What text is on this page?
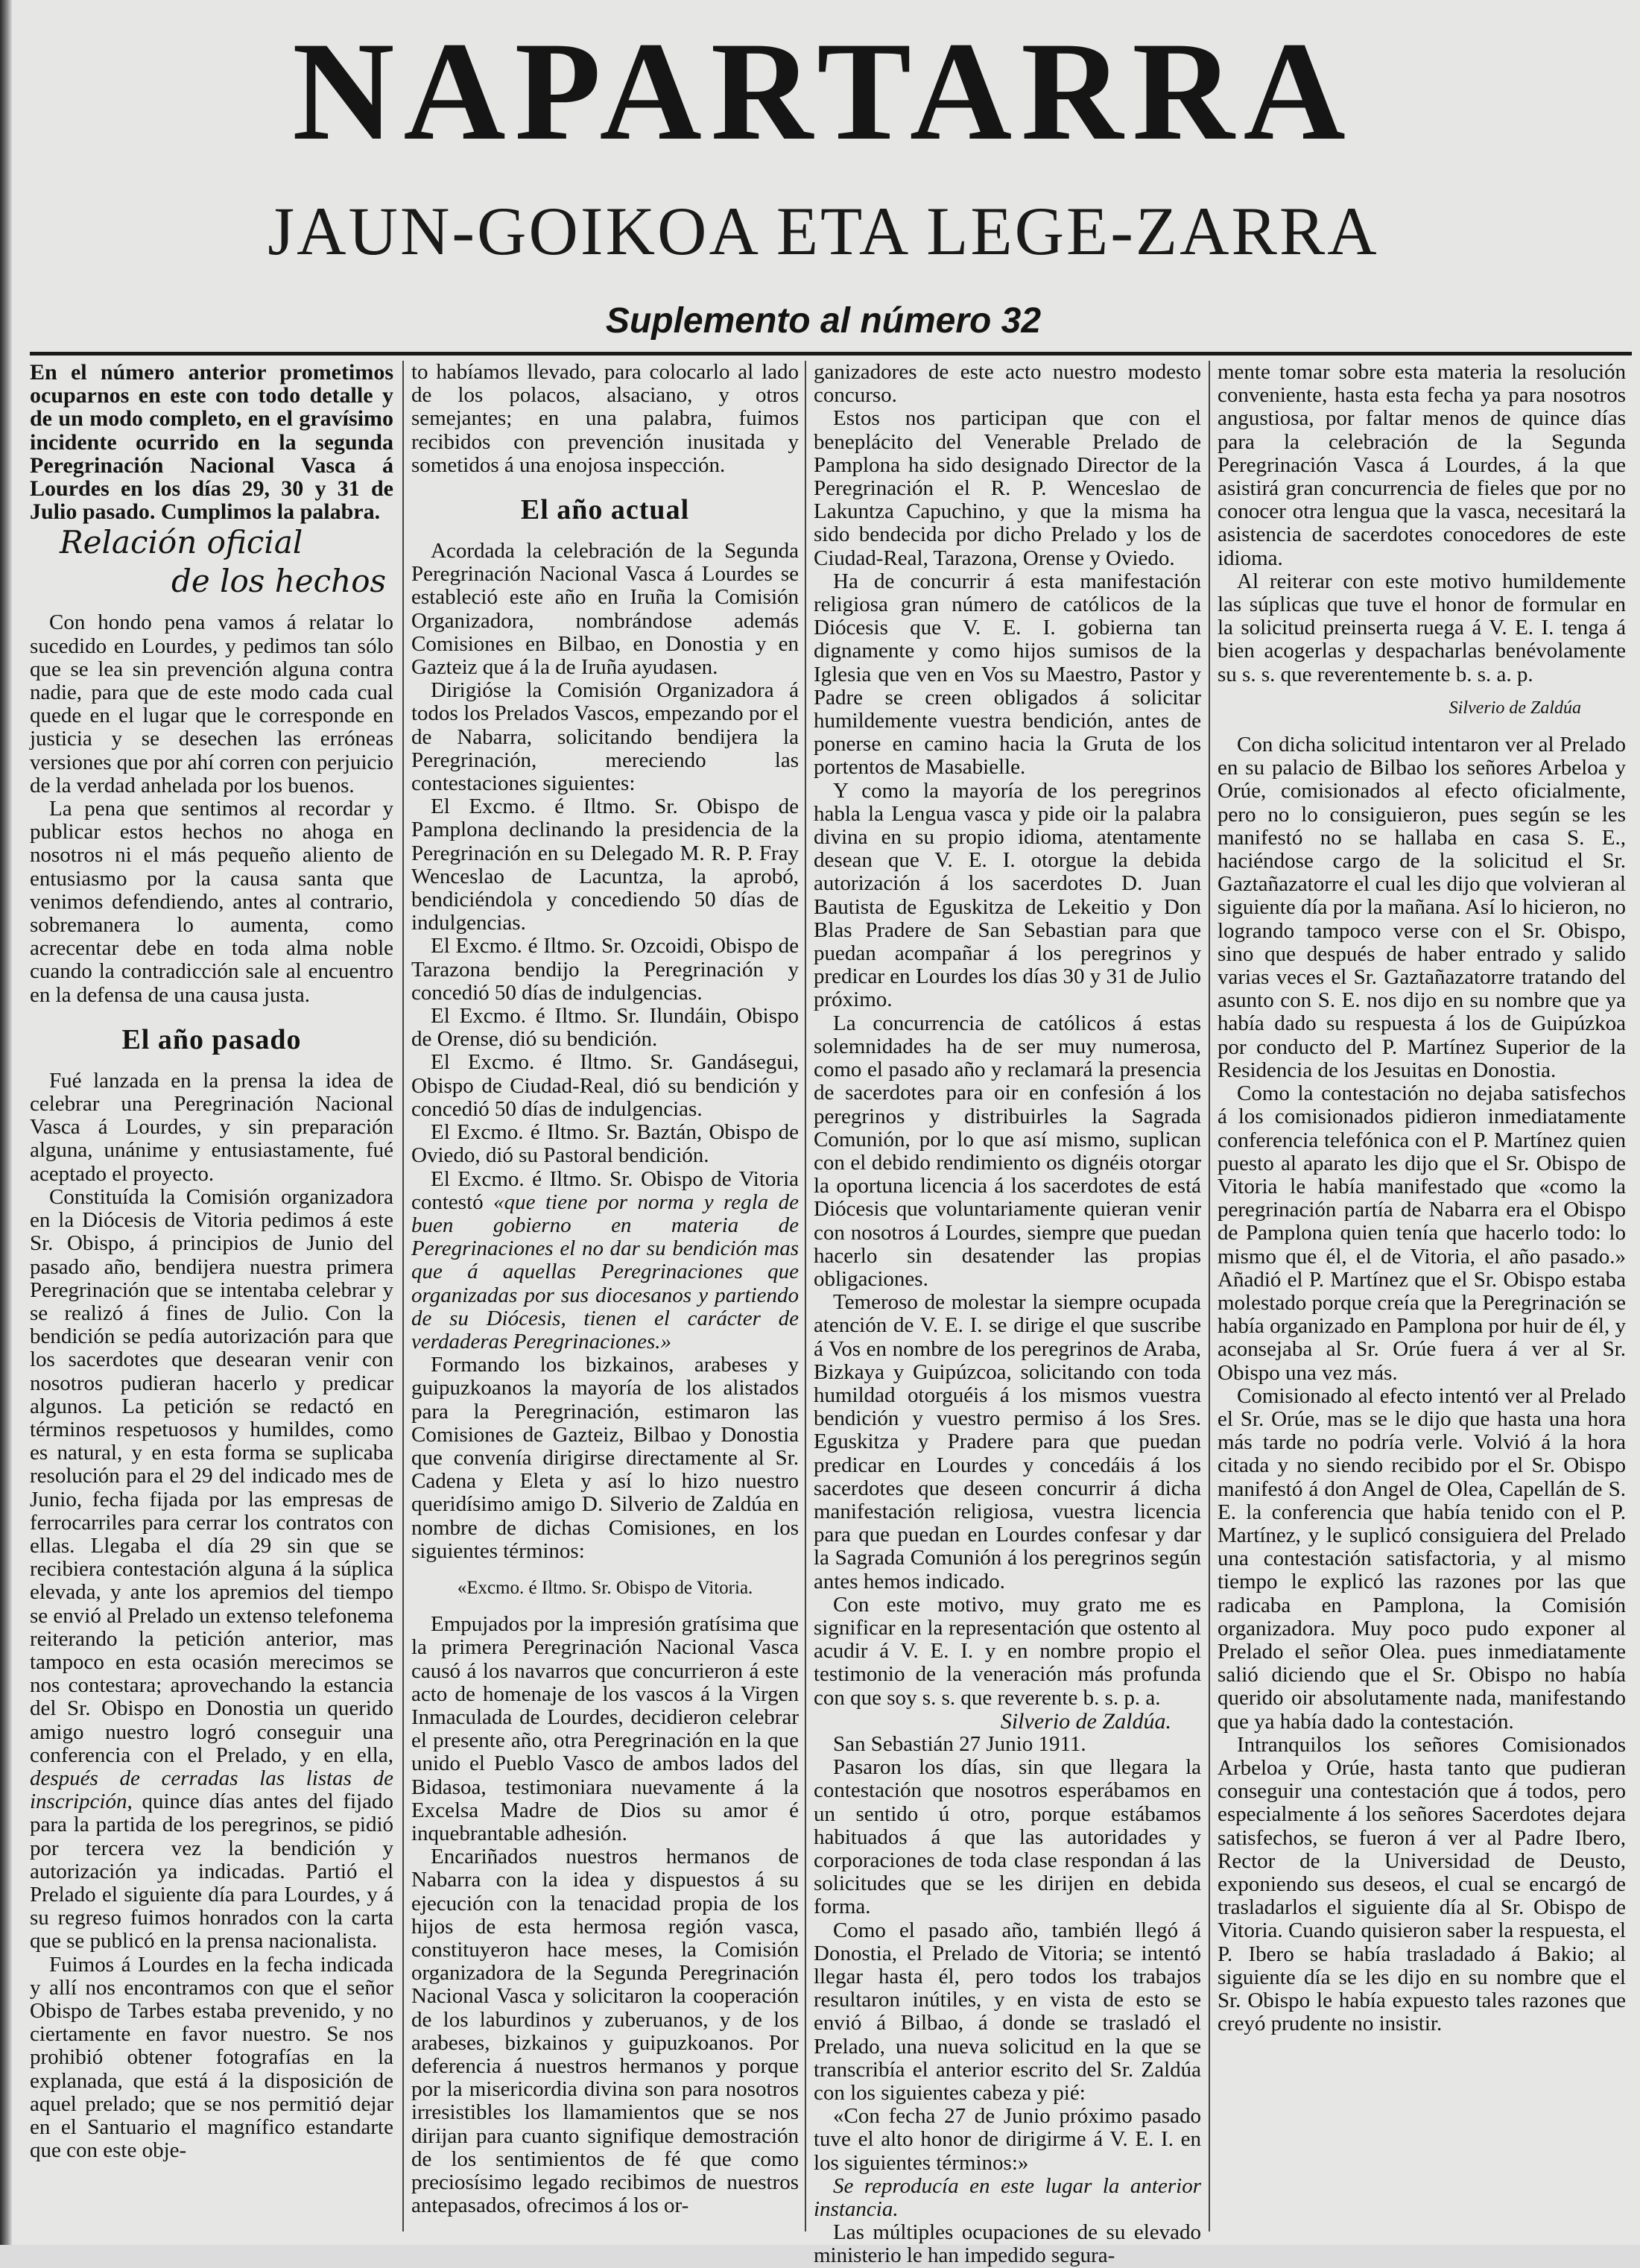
NAPARTARRA
JAUN-GOIKOA ETA LEGE-ZARRA
Suplemento al número 32

En el número anterior prometimos ocuparnos en este con todo detalle y de un modo completo, en el gravísimo incidente ocurrido en la segunda Peregrinación Nacional Vasca á Lourdes en los días 29, 30 y 31 de Julio pasado. Cumplimos la palabra.

Relación oficial
de los hechos

Con hondo pena vamos á relatar lo sucedido en Lourdes, y pedimos tan sólo que se lea sin prevención alguna contra nadie, para que de este modo cada cual quede en el lugar que le corresponde en justicia y se desechen las erróneas versiones que por ahí corren con perjuicio de la verdad anhelada por los buenos.

La pena que sentimos al recordar y publicar estos hechos no ahoga en nosotros ni el más pequeño aliento de entusiasmo por la causa santa que venimos defendiendo, antes al contrario, sobremanera lo aumenta, como acrecentar debe en toda alma noble cuando la contradicción sale al encuentro en la defensa de una causa justa.

El año pasado

Fué lanzada en la prensa la idea de celebrar una Peregrinación Nacional Vasca á Lourdes, y sin preparación alguna, unánime y entusiastamente, fué aceptado el proyecto.

Constituída la Comisión organizadora en la Diócesis de Vitoria pedimos á este Sr. Obispo, á principios de Junio del pasado año, bendijera nuestra primera Peregrinación que se intentaba celebrar y se realizó á fines de Julio. Con la bendición se pedía autorización para que los sacerdotes que desearan venir con nosotros pudieran hacerlo y predicar algunos. La petición se redactó en términos respetuosos y humildes, como es natural, y en esta forma se suplicaba resolución para el 29 del indicado mes de Junio, fecha fijada por las empresas de ferrocarriles para cerrar los contratos con ellas. Llegaba el día 29 sin que se recibiera contestación alguna á la súplica elevada, y ante los apremios del tiempo se envió al Prelado un extenso telefonema reiterando la petición anterior, mas tampoco en esta ocasión merecimos se nos contestara; aprovechando la estancia del Sr. Obispo en Donostia un querido amigo nuestro logró conseguir una conferencia con el Prelado, y en ella, después de cerradas las listas de inscripción, quince días antes del fijado para la partida de los peregrinos, se pidió por tercera vez la bendición y autorización ya indicadas. Partió el Prelado el siguiente día para Lourdes, y á su regreso fuimos honrados con la carta que se publicó en la prensa nacionalista.

Fuimos á Lourdes en la fecha indicada y allí nos encontramos con que el señor Obispo de Tarbes estaba prevenido, y no ciertamente en favor nuestro. Se nos prohibió obtener fotografías en la explanada, que está á la disposición de aquel prelado; que se nos permitió dejar en el Santuario el magnífico estandarte que con este obje-

to habíamos llevado, para colocarlo al lado de los polacos, alsaciano, y otros semejantes; en una palabra, fuimos recibidos con prevención inusitada y sometidos á una enojosa inspección.

El año actual

Acordada la celebración de la Segunda Peregrinación Nacional Vasca á Lourdes se estableció este año en Iruña la Comisión Organizadora, nombrándose además Comisiones en Bilbao, en Donostia y en Gazteiz que á la de Iruña ayudasen.

Dirigióse la Comisión Organizadora á todos los Prelados Vascos, empezando por el de Nabarra, solicitando bendijera la Peregrinación, mereciendo las contestaciones siguientes:

El Excmo. é Iltmo. Sr. Obispo de Pamplona declinando la presidencia de la Peregrinación en su Delegado M. R. P. Fray Wenceslao de Lacuntza, la aprobó, bendiciéndola y concediendo 50 días de indulgencias.

El Excmo. é Iltmo. Sr. Ozcoidi, Obispo de Tarazona bendijo la Peregrinación y concedió 50 días de indulgencias.

El Excmo. é Iltmo. Sr. Ilundáin, Obispo de Orense, dió su bendición.

El Excmo. é Iltmo. Sr. Gandásegui, Obispo de Ciudad-Real, dió su bendición y concedió 50 días de indulgencias.

El Excmo. é Iltmo. Sr. Baztán, Obispo de Oviedo, dió su Pastoral bendición.

El Excmo. é Iltmo. Sr. Obispo de Vitoria contestó «que tiene por norma y regla de buen gobierno en materia de Peregrinaciones el no dar su bendición mas que á aquellas Peregrinaciones que organizadas por sus diocesanos y partiendo de su Diócesis, tienen el carácter de verdaderas Peregrinaciones.»

Formando los bizkainos, arabeses y guipuzkoanos la mayoría de los alistados para la Peregrinación, estimaron las Comisiones de Gazteiz, Bilbao y Donostia que convenía dirigirse directamente al Sr. Cadena y Eleta y así lo hizo nuestro queridísimo amigo D. Silverio de Zaldúa en nombre de dichas Comisiones, en los siguientes términos:

«Excmo. é Iltmo. Sr. Obispo de Vitoria.

Empujados por la impresión gratísima que la primera Peregrinación Nacional Vasca causó á los navarros que concurrieron á este acto de homenaje de los vascos á la Virgen Inmaculada de Lourdes, decidieron celebrar el presente año, otra Peregrinación en la que unido el Pueblo Vasco de ambos lados del Bidasoa, testimoniara nuevamente á la Excelsa Madre de Dios su amor é inquebrantable adhesión.

Encariñados nuestros hermanos de Nabarra con la idea y dispuestos á su ejecución con la tenacidad propia de los hijos de esta hermosa región vasca, constituyeron hace meses, la Comisión organizadora de la Segunda Peregrinación Nacional Vasca y solicitaron la cooperación de los laburdinos y zuberuanos, y de los arabeses, bizkainos y guipuzkoanos. Por deferencia á nuestros hermanos y porque por la misericordia divina son para nosotros irresistibles los llamamientos que se nos dirijan para cuanto signifique demostración de los sentimientos de fé que como preciosísimo legado recibimos de nuestros antepasados, ofrecimos á los or-

ganizadores de este acto nuestro modesto concurso.

Estos nos participan que con el beneplácito del Venerable Prelado de Pamplona ha sido designado Director de la Peregrinación el R. P. Wenceslao de Lakuntza Capuchino, y que la misma ha sido bendecida por dicho Prelado y los de Ciudad-Real, Tarazona, Orense y Oviedo.

Ha de concurrir á esta manifestación religiosa gran número de católicos de la Diócesis que V. E. I. gobierna tan dignamente y como hijos sumisos de la Iglesia que ven en Vos su Maestro, Pastor y Padre se creen obligados á solicitar humildemente vuestra bendición, antes de ponerse en camino hacia la Gruta de los portentos de Masabielle.

Y como la mayoría de los peregrinos habla la Lengua vasca y pide oir la palabra divina en su propio idioma, atentamente desean que V. E. I. otorgue la debida autorización á los sacerdotes D. Juan Bautista de Eguskitza de Lekeitio y Don Blas Pradere de San Sebastian para que puedan acompañar á los peregrinos y predicar en Lourdes los días 30 y 31 de Julio próximo.

La concurrencia de católicos á estas solemnidades ha de ser muy numerosa, como el pasado año y reclamará la presencia de sacerdotes para oir en confesión á los peregrinos y distribuirles la Sagrada Comunión, por lo que así mismo, suplican con el debido rendimiento os dignéis otorgar la oportuna licencia á los sacerdotes de está Diócesis que voluntariamente quieran venir con nosotros á Lourdes, siempre que puedan hacerlo sin desatender las propias obligaciones.

Temeroso de molestar la siempre ocupada atención de V. E. I. se dirige el que suscribe á Vos en nombre de los peregrinos de Araba, Bizkaya y Guipúzcoa, solicitando con toda humildad otorguéis á los mismos vuestra bendición y vuestro permiso á los Sres. Eguskitza y Pradere para que puedan predicar en Lourdes y concedáis á los sacerdotes que deseen concurrir á dicha manifestación religiosa, vuestra licencia para que puedan en Lourdes confesar y dar la Sagrada Comunión á los peregrinos según antes hemos indicado.

Con este motivo, muy grato me es significar en la representación que ostento al acudir á V. E. I. y en nombre propio el testimonio de la veneración más profunda con que soy s. s. que reverente b. s. p. a.

Silverio de Zaldúa.

San Sebastián 27 Junio 1911.

Pasaron los días, sin que llegara la contestación que nosotros esperábamos en un sentido ú otro, porque estábamos habituados á que las autoridades y corporaciones de toda clase respondan á las solicitudes que se les dirijen en debida forma.

Como el pasado año, también llegó á Donostia, el Prelado de Vitoria; se intentó llegar hasta él, pero todos los trabajos resultaron inútiles, y en vista de esto se envió á Bilbao, á donde se trasladó el Prelado, una nueva solicitud en la que se transcribía el anterior escrito del Sr. Zaldúa con los siguientes cabeza y pié:

«Con fecha 27 de Junio próximo pasado tuve el alto honor de dirigirme á V. E. I. en los siguientes términos:»

Se reproducía en este lugar la anterior instancia.

Las múltiples ocupaciones de su elevado ministerio le han impedido segura-

mente tomar sobre esta materia la resolución conveniente, hasta esta fecha ya para nosotros angustiosa, por faltar menos de quince días para la celebración de la Segunda Peregrinación Vasca á Lourdes, á la que asistirá gran concurrencia de fieles que por no conocer otra lengua que la vasca, necesitará la asistencia de sacerdotes conocedores de este idioma.

Al reiterar con este motivo humildemente las súplicas que tuve el honor de formular en la solicitud preinserta ruega á V. E. I. tenga á bien acogerlas y despacharlas benévolamente su s. s. que reverentemente b. s. a. p.

Silverio de Zaldúa

Con dicha solicitud intentaron ver al Prelado en su palacio de Bilbao los señores Arbeloa y Orúe, comisionados al efecto oficialmente, pero no lo consiguieron, pues según se les manifestó no se hallaba en casa S. E., haciéndose cargo de la solicitud el Sr. Gaztañazatorre el cual les dijo que volvieran al siguiente día por la mañana. Así lo hicieron, no logrando tampoco verse con el Sr. Obispo, sino que después de haber entrado y salido varias veces el Sr. Gaztañazatorre tratando del asunto con S. E. nos dijo en su nombre que ya había dado su respuesta á los de Guipúzkoa por conducto del P. Martínez Superior de la Residencia de los Jesuitas en Donostia.

Como la contestación no dejaba satisfechos á los comisionados pidieron inmediatamente conferencia telefónica con el P. Martínez quien puesto al aparato les dijo que el Sr. Obispo de Vitoria le había manifestado que «como la peregrinación partía de Nabarra era el Obispo de Pamplona quien tenía que hacerlo todo: lo mismo que él, el de Vitoria, el año pasado.» Añadió el P. Martínez que el Sr. Obispo estaba molestado porque creía que la Peregrinación se había organizado en Pamplona por huir de él, y aconsejaba al Sr. Orúe fuera á ver al Sr. Obispo una vez más.

Comisionado al efecto intentó ver al Prelado el Sr. Orúe, mas se le dijo que hasta una hora más tarde no podría verle. Volvió á la hora citada y no siendo recibido por el Sr. Obispo manifestó á don Angel de Olea, Capellán de S. E. la conferencia que había tenido con el P. Martínez, y le suplicó consiguiera del Prelado una contestación satisfactoria, y al mismo tiempo le explicó las razones por las que radicaba en Pamplona, la Comisión organizadora. Muy poco pudo exponer al Prelado el señor Olea. pues inmediatamente salió diciendo que el Sr. Obispo no había querido oir absolutamente nada, manifestando que ya había dado la contestación.

Intranquilos los señores Comisionados Arbeloa y Orúe, hasta tanto que pudieran conseguir una contestación que á todos, pero especialmente á los señores Sacerdotes dejara satisfechos, se fueron á ver al Padre Ibero, Rector de la Universidad de Deusto, exponiendo sus deseos, el cual se encargó de trasladarlos el siguiente día al Sr. Obispo de Vitoria. Cuando quisieron saber la respuesta, el P. Ibero se había trasladado á Bakio; al siguiente día se les dijo en su nombre que el Sr. Obispo le había expuesto tales razones que creyó prudente no insistir.
